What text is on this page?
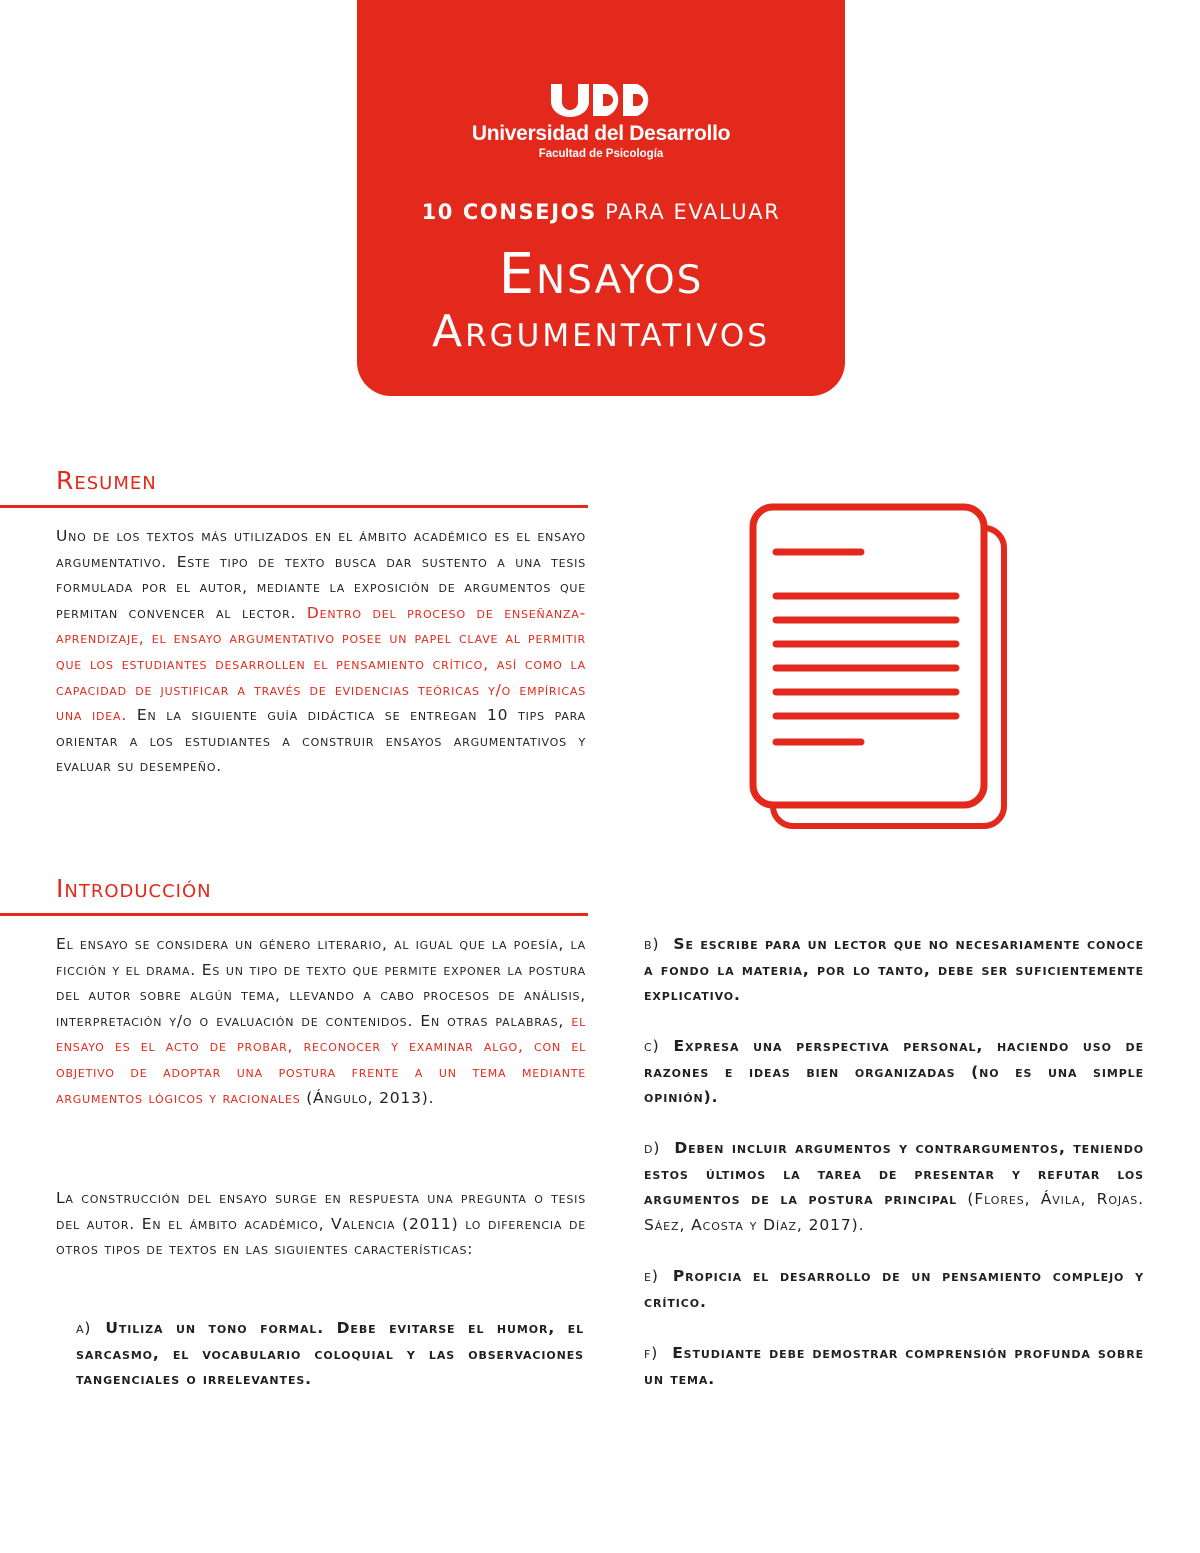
Universidad del Desarrollo
Facultad de Psicología
10 CONSEJOS PARA EVALUAR
Ensayos
Argumentativos
Resumen
Uno de los textos más utilizados en el ámbito académico es el ensayo argumentativo. Este tipo de texto busca dar sustento a una tesis formulada por el autor, mediante la exposición de argumentos que permitan convencer al lector. Dentro del proceso de enseñanza-aprendizaje, el ensayo argumentativo posee un papel clave al permitir que los estudiantes desarrollen el pensamiento crítico, así como la capacidad de justificar a través de evidencias teóricas y/o empíricas una idea. En la siguiente guía didáctica se entregan 10 tips para orientar a los estudiantes a construir ensayos argumentativos y evaluar su desempeño.
Introducción
El ensayo se considera un género literario, al igual que la poesía, la ficción y el drama. Es un tipo de texto que permite exponer la postura del autor sobre algún tema, llevando a cabo procesos de análisis, interpretación y/o o evaluación de contenidos. En otras palabras, el ensayo es el acto de probar, reconocer y examinar algo, con el objetivo de adoptar una postura frente a un tema mediante argumentos lógicos y racionales (Ángulo, 2013).
La construcción del ensayo surge en respuesta una pregunta o tesis del autor. En el ámbito académico, Valencia (2011) lo diferencia de otros tipos de textos en las siguientes características:
a) Utiliza un tono formal. Debe evitarse el humor, el sarcasmo, el vocabulario coloquial y las observaciones tangenciales o irrelevantes.
b) Se escribe para un lector que no necesariamente conoce a fondo la materia, por lo tanto, debe ser suficientemente explicativo.
c) Expresa una perspectiva personal, haciendo uso de razones e ideas bien organizadas (no es una simple opinión).
d) Deben incluir argumentos y contrargumentos, teniendo estos últimos la tarea de presentar y refutar los argumentos de la postura principal (Flores, Ávila, Rojas. Sáez, Acosta y Díaz, 2017).
e) Propicia el desarrollo de un pensamiento complejo y crítico.
f) Estudiante debe demostrar comprensión profunda sobre un tema.
